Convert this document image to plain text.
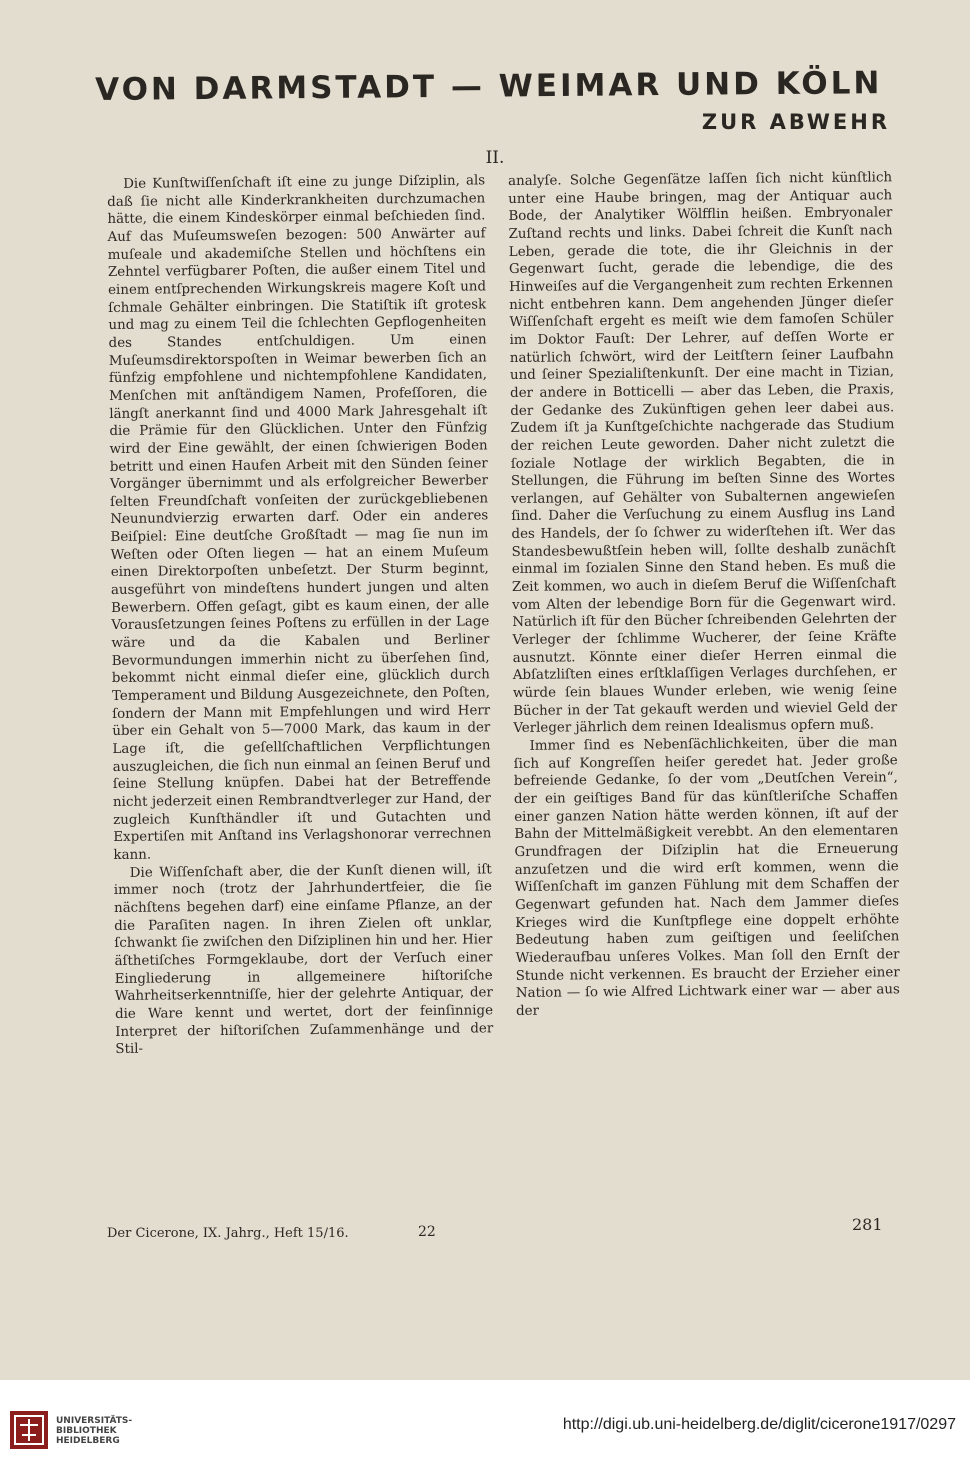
VON DARMSTADT — WEIMAR UND KÖLN
ZUR ABWEHR
II.

Die Kunſtwiſſenſchaft iſt eine zu junge Diſziplin, als daß ſie nicht alle Kinderkrankheiten durchzumachen hätte, die einem Kindeskörper einmal beſchieden ſind. Auf das Muſeumsweſen bezogen: 500 Anwärter auf muſeale und akademiſche Stellen und höchſtens ein Zehntel verfügbarer Poſten, die außer einem Titel und einem entſprechenden Wirkungskreis magere Koſt und ſchmale Gehälter einbringen. Die Statiſtik iſt grotesk und mag zu einem Teil die ſchlechten Gepflogenheiten des Standes entſchuldigen. Um einen Muſeumsdirektorspoſten in Weimar bewerben ſich an fünfzig empfohlene und nichtempfohlene Kandidaten, Menſchen mit anſtändigem Namen, Profeſſoren, die längſt anerkannt ſind und 4000 Mark Jahresgehalt iſt die Prämie für den Glücklichen. Unter den Fünfzig wird der Eine gewählt, der einen ſchwierigen Boden betritt und einen Haufen Arbeit mit den Sünden ſeiner Vorgänger übernimmt und als erfolgreicher Bewerber ſelten Freundſchaft vonſeiten der zurückgebliebenen Neunundvierzig erwarten darf. Oder ein anderes Beiſpiel: Eine deutſche Großſtadt — mag ſie nun im Weſten oder Oſten liegen — hat an einem Muſeum einen Direktorpoſten unbeſetzt. Der Sturm beginnt, ausgeführt von mindeſtens hundert jungen und alten Bewerbern. Offen geſagt, gibt es kaum einen, der alle Vorausſetzungen ſeines Poſtens zu erfüllen in der Lage wäre und da die Kabalen und Berliner Bevormundungen immerhin nicht zu überſehen ſind, bekommt nicht einmal dieſer eine, glücklich durch Temperament und Bildung Ausgezeichnete, den Poſten, ſondern der Mann mit Empfehlungen und wird Herr über ein Gehalt von 5—7000 Mark, das kaum in der Lage iſt, die geſellſchaftlichen Verpflichtungen auszugleichen, die ſich nun einmal an ſeinen Beruf und ſeine Stellung knüpfen. Dabei hat der Betreffende nicht jederzeit einen Rembrandtverleger zur Hand, der zugleich Kunſthändler iſt und Gutachten und Expertiſen mit Anſtand ins Verlagshonorar verrechnen kann.

Die Wiſſenſchaft aber, die der Kunſt dienen will, iſt immer noch (trotz der Jahrhundertfeier, die ſie nächſtens begehen darf) eine einſame Pflanze, an der die Paraſiten nagen. In ihren Zielen oft unklar, ſchwankt ſie zwiſchen den Diſziplinen hin und her. Hier äſthetiſches Formgeklaube, dort der Verſuch einer Eingliederung in allgemeinere hiſtoriſche Wahrheitserkenntniſſe, hier der gelehrte Antiquar, der die Ware kennt und wertet, dort der feinſinnige Interpret der hiſtoriſchen Zuſammenhänge und der Stil-

analyſe. Solche Gegenſätze laſſen ſich nicht künſtlich unter eine Haube bringen, mag der Antiquar auch Bode, der Analytiker Wölfflin heißen. Embryonaler Zuſtand rechts und links. Dabei ſchreit die Kunſt nach Leben, gerade die tote, die ihr Gleichnis in der Gegenwart ſucht, gerade die lebendige, die des Hinweiſes auf die Vergangenheit zum rechten Erkennen nicht entbehren kann. Dem angehenden Jünger dieſer Wiſſenſchaft ergeht es meiſt wie dem famoſen Schüler im Doktor Fauſt: Der Lehrer, auf deſſen Worte er natürlich ſchwört, wird der Leitſtern ſeiner Laufbahn und ſeiner Spezialiſtenkunſt. Der eine macht in Tizian, der andere in Botticelli — aber das Leben, die Praxis, der Gedanke des Zukünftigen gehen leer dabei aus. Zudem iſt ja Kunſtgeſchichte nachgerade das Studium der reichen Leute geworden. Daher nicht zuletzt die ſoziale Notlage der wirklich Begabten, die in Stellungen, die Führung im beſten Sinne des Wortes verlangen, auf Gehälter von Subalternen angewieſen ſind. Daher die Verſuchung zu einem Ausflug ins Land des Handels, der ſo ſchwer zu widerſtehen iſt. Wer das Standesbewußtſein heben will, ſollte deshalb zunächſt einmal im ſozialen Sinne den Stand heben. Es muß die Zeit kommen, wo auch in dieſem Beruf die Wiſſenſchaft vom Alten der lebendige Born für die Gegenwart wird. Natürlich iſt für den Bücher ſchreibenden Gelehrten der Verleger der ſchlimme Wucherer, der ſeine Kräfte ausnutzt. Könnte einer dieſer Herren einmal die Abſatzliſten eines erſtklaſſigen Verlages durchſehen, er würde ſein blaues Wunder erleben, wie wenig ſeine Bücher in der Tat gekauft werden und wieviel Geld der Verleger jährlich dem reinen Idealismus opfern muß.

Immer ſind es Nebenſächlichkeiten, über die man ſich auf Kongreſſen heiſer geredet hat. Jeder große befreiende Gedanke, ſo der vom „Deutſchen Verein“, der ein geiſtiges Band für das künſtleriſche Schaffen einer ganzen Nation hätte werden können, iſt auf der Bahn der Mittelmäßigkeit verebbt. An den elementaren Grundfragen der Diſziplin hat die Erneuerung anzuſetzen und die wird erſt kommen, wenn die Wiſſenſchaft im ganzen Fühlung mit dem Schaffen der Gegenwart gefunden hat. Nach dem Jammer dieſes Krieges wird die Kunſtpflege eine doppelt erhöhte Bedeutung haben zum geiſtigen und ſeeliſchen Wiederaufbau unſeres Volkes. Man ſoll den Ernſt der Stunde nicht verkennen. Es braucht der Erzieher einer Nation — ſo wie Alfred Lichtwark einer war — aber aus der

Der Cicerone, IX. Jahrg., Heft 15/16.	22	281
UNIVERSITÄTS-
BIBLIOTHEK
HEIDELBERG
http://digi.ub.uni-heidelberg.de/diglit/cicerone1917/0297
